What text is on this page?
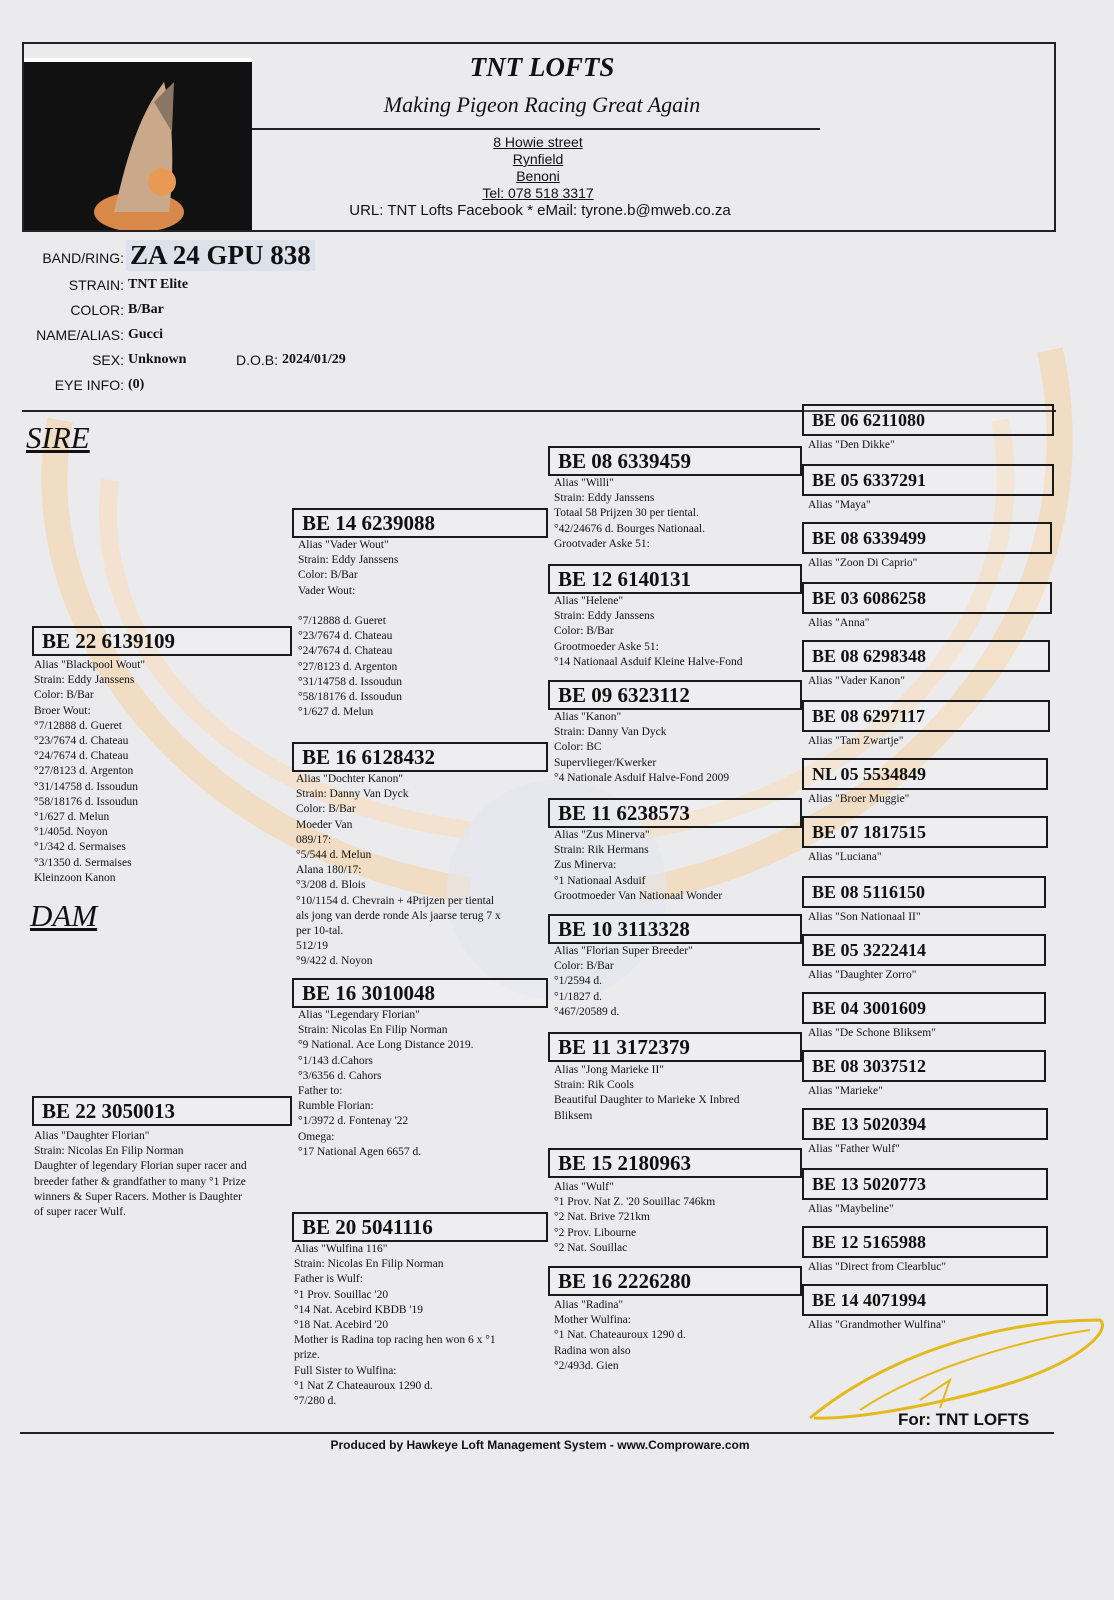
TNT LOFTS
Making Pigeon Racing Great Again
8 Howie street
Rynfield
Benoni
Tel: 078 518 3317
URL: TNT Lofts Facebook * eMail: tyrone.b@mweb.co.za
BAND/RING: ZA 24 GPU 838
STRAIN: TNT Elite
COLOR: B/Bar
NAME/ALIAS: Gucci
SEX: Unknown	D.O.B: 2024/01/29
EYE INFO: (0)
SIRE
DAM
BE 22 6139109
Alias "Blackpool Wout"
Strain: Eddy Janssens
Color: B/Bar
Broer Wout:
°7/12888 d. Gueret
°23/7674 d. Chateau
°24/7674 d. Chateau
°27/8123 d. Argenton
°31/14758 d. Issoudun
°58/18176 d. Issoudun
°1/627 d. Melun
°1/405d. Noyon
°1/342 d. Sermaises
°3/1350 d. Sermaises
Kleinzoon Kanon
BE 22 3050013
Alias "Daughter Florian"
Strain: Nicolas En Filip Norman
Daughter of legendary Florian super racer and
breeder father & grandfather to many °1 Prize
winners & Super Racers. Mother is Daughter
of super racer Wulf.
BE 14 6239088
Alias "Vader Wout"
Strain: Eddy Janssens
Color: B/Bar
Vader Wout:

°7/12888 d. Gueret
°23/7674 d. Chateau
°24/7674 d. Chateau
°27/8123 d. Argenton
°31/14758 d. Issoudun
°58/18176 d. Issoudun
°1/627 d. Melun
BE 16 6128432
Alias "Dochter Kanon"
Strain: Danny Van Dyck
Color: B/Bar
Moeder Van
089/17:
°5/544 d. Melun
Alana 180/17:
°3/208 d. Blois
°10/1154 d. Chevrain + 4Prijzen per tiental
als jong van derde ronde Als jaarse terug 7 x
per 10-tal.
512/19
°9/422 d. Noyon
BE 16 3010048
Alias "Legendary Florian"
Strain: Nicolas En Filip Norman
°9 National. Ace Long Distance 2019.
°1/143 d.Cahors
°3/6356 d. Cahors
Father to:
Rumble Florian:
°1/3972 d. Fontenay '22
Omega:
°17 National Agen 6657 d.
BE 20 5041116
Alias "Wulfina 116"
Strain: Nicolas En Filip Norman
Father is Wulf:
°1 Prov. Souillac '20
°14 Nat. Acebird KBDB '19
°18 Nat. Acebird '20
Mother is Radina top racing hen won 6 x °1
prize.
Full Sister to Wulfina:
°1 Nat Z Chateauroux 1290 d.
°7/280 d.
BE 08 6339459
Alias "Willi"
Strain: Eddy Janssens
Totaal 58 Prijzen 30 per tiental.
°42/24676 d. Bourges Nationaal.
Grootvader Aske 51:
BE 12 6140131
Alias "Helene"
Strain: Eddy Janssens
Color: B/Bar
Grootmoeder Aske 51:
°14 Nationaal Asduif Kleine Halve-Fond
BE 09 6323112
Alias "Kanon"
Strain: Danny Van Dyck
Color: BC
Supervlieger/Kwerker
°4 Nationale Asduif Halve-Fond 2009
BE 11 6238573
Alias "Zus Minerva"
Strain: Rik Hermans
Zus Minerva:
°1 Nationaal Asduif
Grootmoeder Van Nationaal Wonder
BE 10 3113328
Alias "Florian Super Breeder"
Color: B/Bar
°1/2594 d.
°1/1827 d.
°467/20589 d.
BE 11 3172379
Alias "Jong Marieke II"
Strain: Rik Cools
Beautiful Daughter to Marieke X Inbred
Bliksem
BE 15 2180963
Alias "Wulf"
°1 Prov. Nat Z. '20 Souillac 746km
°2 Nat. Brive 721km
°2 Prov. Libourne
°2 Nat. Souillac
BE 16 2226280
Alias "Radina"
Mother Wulfina:
°1 Nat. Chateauroux 1290 d.
Radina won also
°2/493d. Gien
BE 06 6211080
Alias "Den Dikke"
BE 05 6337291
Alias "Maya"
BE 08 6339499
Alias "Zoon Di Caprio"
BE 03 6086258
Alias "Anna"
BE 08 6298348
Alias "Vader Kanon"
BE 08 6297117
Alias "Tam Zwartje"
NL 05 5534849
Alias "Broer Muggie"
BE 07 1817515
Alias "Luciana"
BE 08 5116150
Alias "Son Nationaal II"
BE 05 3222414
Alias "Daughter Zorro"
BE 04 3001609
Alias "De Schone Bliksem"
BE 08 3037512
Alias "Marieke"
BE 13 5020394
Alias "Father Wulf"
BE 13 5020773
Alias "Maybeline"
BE 12 5165988
Alias "Direct from Clearbluc"
BE 14 4071994
Alias "Grandmother Wulfina"
For: TNT LOFTS
Produced by Hawkeye Loft Management System - www.Comproware.com
